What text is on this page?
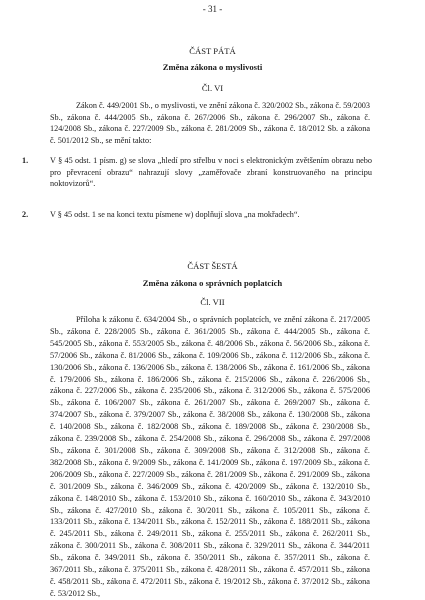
- 31 -
ČÁST PÁTÁ
Změna zákona o myslivosti
Čl. VI
Zákon č. 449/2001 Sb., o myslivosti, ve znění zákona č. 320/2002 Sb., zákona č. 59/2003 Sb., zákona č. 444/2005 Sb., zákona č. 267/2006 Sb., zákona č. 296/2007 Sb., zákona č. 124/2008 Sb., zákona č. 227/2009 Sb., zákona č. 281/2009 Sb., zákona č. 18/2012 Sb. a zákona č. 501/2012 Sb., se mění takto:
1.	V § 45 odst. 1 písm. g) se slova „hledí pro střelbu v noci s elektronickým zvětšením obrazu nebo pro převracení obrazu“ nahrazují slovy „zaměřovače zbraní konstruovaného na principu noktovizorů“.
2.	V § 45 odst. 1 se na konci textu písmene w) doplňují slova „na mokřadech“.
ČÁST ŠESTÁ
Změna zákona o správních poplatcích
Čl. VII
Příloha k zákonu č. 634/2004 Sb., o správních poplatcích, ve znění zákona č. 217/2005 Sb., zákona č. 228/2005 Sb., zákona č. 361/2005 Sb., zákona č. 444/2005 Sb., zákona č. 545/2005 Sb., zákona č. 553/2005 Sb., zákona č. 48/2006 Sb., zákona č. 56/2006 Sb., zákona č. 57/2006 Sb., zákona č. 81/2006 Sb., zákona č. 109/2006 Sb., zákona č. 112/2006 Sb., zákona č. 130/2006 Sb., zákona č. 136/2006 Sb., zákona č. 138/2006 Sb., zákona č. 161/2006 Sb., zákona č. 179/2006 Sb., zákona č. 186/2006 Sb., zákona č. 215/2006 Sb., zákona č. 226/2006 Sb., zákona č. 227/2006 Sb., zákona č. 235/2006 Sb., zákona č. 312/2006 Sb., zákona č. 575/2006 Sb., zákona č. 106/2007 Sb., zákona č. 261/2007 Sb., zákona č. 269/2007 Sb., zákona č. 374/2007 Sb., zákona č. 379/2007 Sb., zákona č. 38/2008 Sb., zákona č. 130/2008 Sb., zákona č. 140/2008 Sb., zákona č. 182/2008 Sb., zákona č. 189/2008 Sb., zákona č. 230/2008 Sb., zákona č. 239/2008 Sb., zákona č. 254/2008 Sb., zákona č. 296/2008 Sb., zákona č. 297/2008 Sb., zákona č. 301/2008 Sb., zákona č. 309/2008 Sb., zákona č. 312/2008 Sb., zákona č. 382/2008 Sb., zákona č. 9/2009 Sb., zákona č. 141/2009 Sb., zákona č. 197/2009 Sb., zákona č. 206/2009 Sb., zákona č. 227/2009 Sb., zákona č. 281/2009 Sb., zákona č. 291/2009 Sb., zákona č. 301/2009 Sb., zákona č. 346/2009 Sb., zákona č. 420/2009 Sb., zákona č. 132/2010 Sb., zákona č. 148/2010 Sb., zákona č. 153/2010 Sb., zákona č. 160/2010 Sb., zákona č. 343/2010 Sb., zákona č. 427/2010 Sb., zákona č. 30/2011 Sb., zákona č. 105/2011 Sb., zákona č. 133/2011 Sb., zákona č. 134/2011 Sb., zákona č. 152/2011 Sb., zákona č. 188/2011 Sb., zákona č. 245/2011 Sb., zákona č. 249/2011 Sb., zákona č. 255/2011 Sb., zákona č. 262/2011 Sb., zákona č. 300/2011 Sb., zákona č. 308/2011 Sb., zákona č. 329/2011 Sb., zákona č. 344/2011 Sb., zákona č. 349/2011 Sb., zákona č. 350/2011 Sb., zákona č. 357/2011 Sb., zákona č. 367/2011 Sb., zákona č. 375/2011 Sb., zákona č. 428/2011 Sb., zákona č. 457/2011 Sb., zákona č. 458/2011 Sb., zákona č. 472/2011 Sb., zákona č. 19/2012 Sb., zákona č. 37/2012 Sb., zákona č. 53/2012 Sb.,
